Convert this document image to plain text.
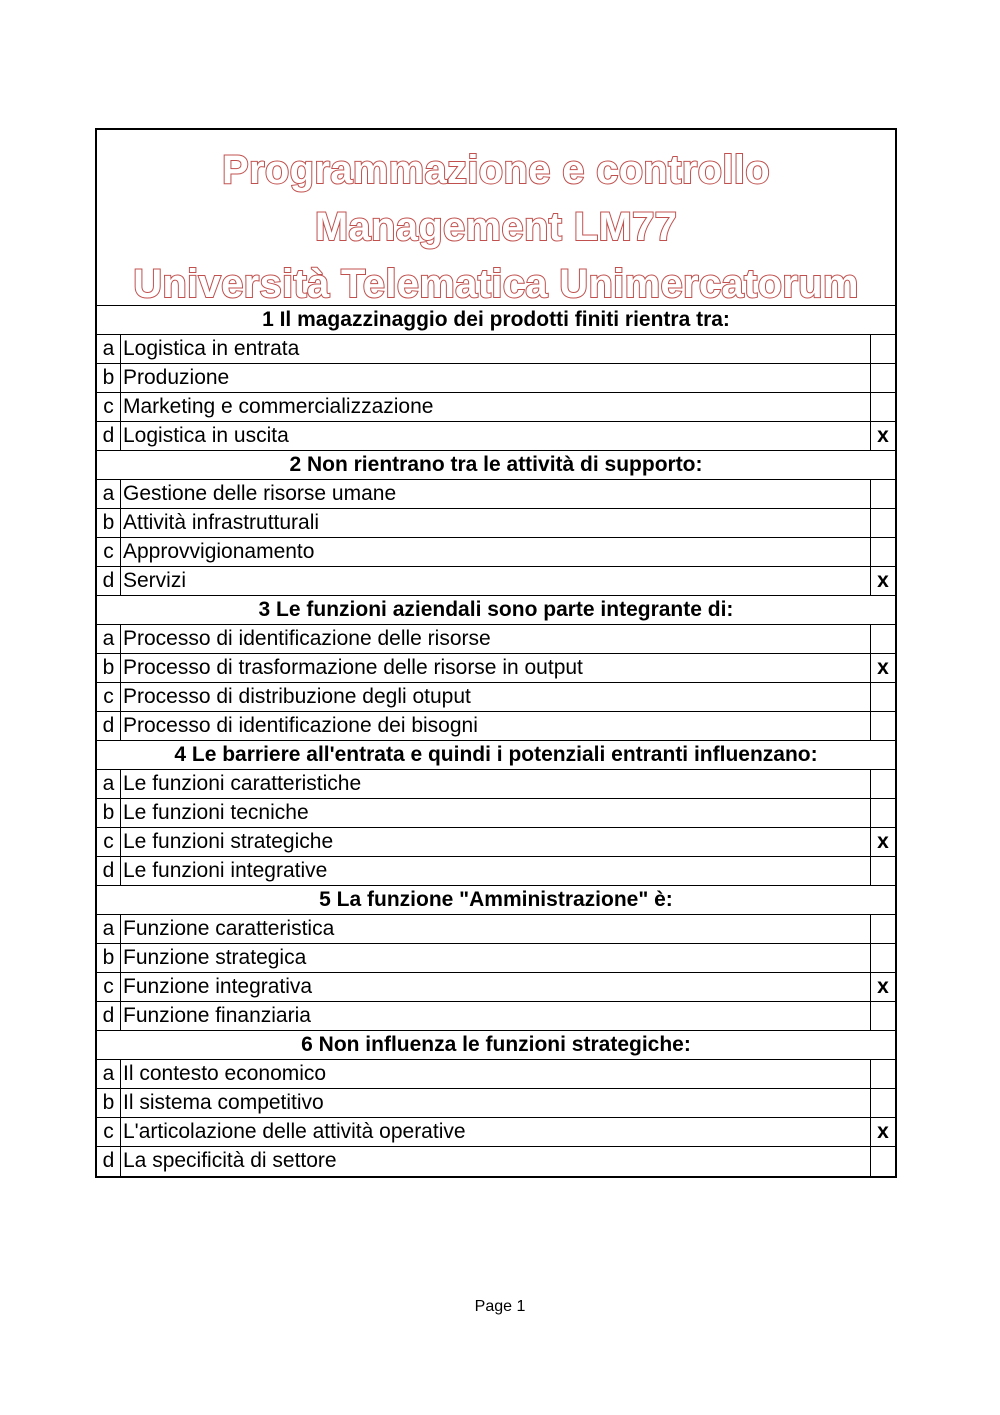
Programmazione e controllo
Management LM77
Università Telematica Unimercatorum
1 Il magazzinaggio dei prodotti finiti rientra tra:
a Logistica in entrata
b Produzione
c Marketing e commercializzazione
d Logistica in uscita	x
2 Non rientrano tra le attività di supporto:
a Gestione delle risorse umane
b Attività infrastrutturali
c Approvvigionamento
d Servizi	x
3 Le funzioni aziendali sono parte integrante di:
a Processo di identificazione delle risorse
b Processo di trasformazione delle risorse in output	x
c Processo di distribuzione degli otuput
d Processo di identificazione dei bisogni
4 Le barriere all'entrata e quindi i potenziali entranti influenzano:
a Le funzioni caratteristiche
b Le funzioni tecniche
c Le funzioni strategiche	x
d Le funzioni integrative
5 La funzione "Amministrazione" è:
a Funzione caratteristica
b Funzione strategica
c Funzione integrativa	x
d Funzione finanziaria
6 Non influenza le funzioni strategiche:
a Il contesto economico
b Il sistema competitivo
c L'articolazione delle attività operative	x
d La specificità di settore
Page 1
